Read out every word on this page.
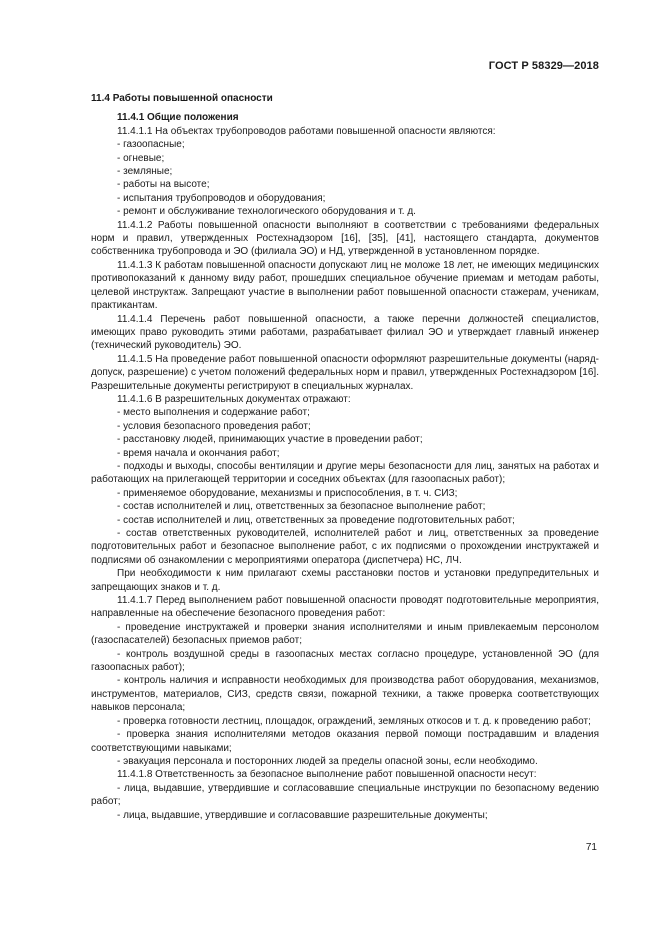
ГОСТ Р 58329—2018

11.4 Работы повышенной опасности

11.4.1 Общие положения

11.4.1.1 На объектах трубопроводов работами повышенной опасности являются:

- газоопасные;

- огневые;

- земляные;

- работы на высоте;

- испытания трубопроводов и оборудования;

- ремонт и обслуживание технологического оборудования и т. д.

11.4.1.2 Работы повышенной опасности выполняют в соответствии с требованиями федеральных норм и правил, утвержденных Ростехнадзором [16], [35], [41], настоящего стандарта, документов собственника трубопровода и ЭО (филиала ЭО) и НД, утвержденной в установленном порядке.

11.4.1.3 К работам повышенной опасности допускают лиц не моложе 18 лет, не имеющих медицинских противопоказаний к данному виду работ, прошедших специальное обучение приемам и методам работы, целевой инструктаж. Запрещают участие в выполнении работ повышенной опасности стажерам, ученикам, практикантам.

11.4.1.4 Перечень работ повышенной опасности, а также перечни должностей специалистов, имеющих право руководить этими работами, разрабатывает филиал ЭО и утверждает главный инженер (технический руководитель) ЭО.

11.4.1.5 На проведение работ повышенной опасности оформляют разрешительные документы (наряд-допуск, разрешение) с учетом положений федеральных норм и правил, утвержденных Ростехнадзором [16]. Разрешительные документы регистрируют в специальных журналах.

11.4.1.6 В разрешительных документах отражают:

- место выполнения и содержание работ;

- условия безопасного проведения работ;

- расстановку людей, принимающих участие в проведении работ;

- время начала и окончания работ;

- подходы и выходы, способы вентиляции и другие меры безопасности для лиц, занятых на работах и работающих на прилегающей территории и соседних объектах (для газоопасных работ);

- применяемое оборудование, механизмы и приспособления, в т. ч. СИЗ;

- состав исполнителей и лиц, ответственных за безопасное выполнение работ;

- состав исполнителей и лиц, ответственных за проведение подготовительных работ;

- состав ответственных руководителей, исполнителей работ и лиц, ответственных за проведение подготовительных работ и безопасное выполнение работ, с их подписями о прохождении инструктажей и подписями об ознакомлении с мероприятиями оператора (диспетчера) НС, ЛЧ.

При необходимости к ним прилагают схемы расстановки постов и установки предупредительных и запрещающих знаков и т. д.

11.4.1.7 Перед выполнением работ повышенной опасности проводят подготовительные мероприятия, направленные на обеспечение безопасного проведения работ:

- проведение инструктажей и проверки знания исполнителями и иным привлекаемым персонолом (газоспасателей) безопасных приемов работ;

- контроль воздушной среды в газоопасных местах согласно процедуре, установленной ЭО (для газоопасных работ);

- контроль наличия и исправности необходимых для производства работ оборудования, механизмов, инструментов, материалов, СИЗ, средств связи, пожарной техники, а также проверка соответствующих навыков персонала;

- проверка готовности лестниц, площадок, ограждений, земляных откосов и т. д. к проведению работ;

- проверка знания исполнителями методов оказания первой помощи пострадавшим и владения соответствующими навыками;

- эвакуация персонала и посторонних людей за пределы опасной зоны, если необходимо.

11.4.1.8 Ответственность за безопасное выполнение работ повышенной опасности несут:

- лица, выдавшие, утвердившие и согласовавшие специальные инструкции по безопасному ведению работ;

- лица, выдавшие, утвердившие и согласовавшие разрешительные документы;

71
